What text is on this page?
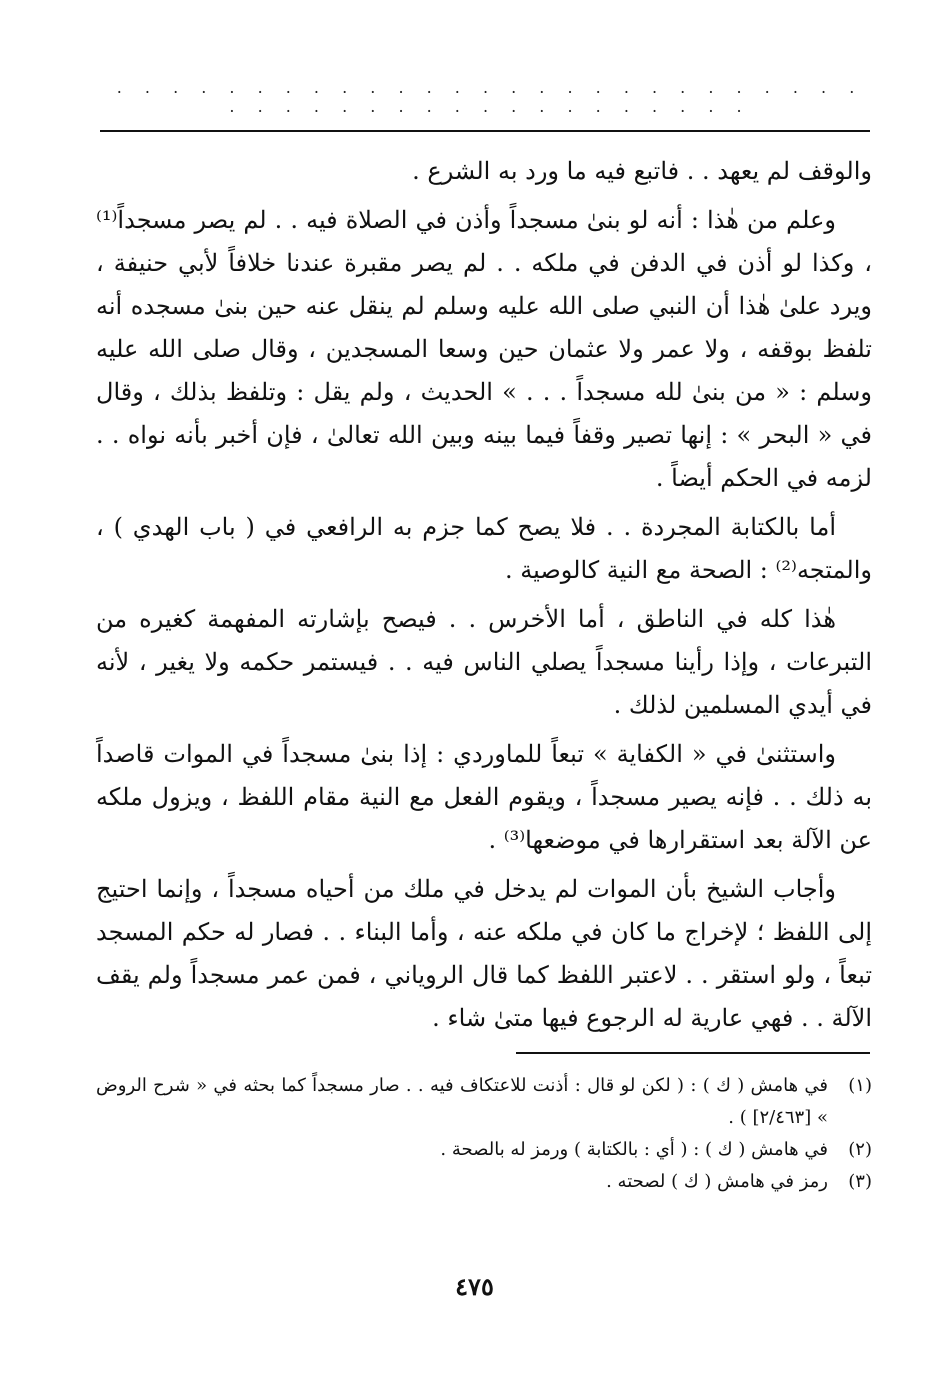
. . . . . . . . . . . . . . . . . . . . . . . . . . . . . . . . . . . . . . . . . . . . . .

والوقف لم يعهد . . فاتبع فيه ما ورد به الشرع .

وعلم من هٰذا : أنه لو بنىٰ مسجداً وأذن في الصلاة فيه . . لم يصر مسجداً⁽¹⁾ ، وكذا لو أذن في الدفن في ملكه . . لم يصر مقبرة عندنا خلافاً لأبي حنيفة ، ويرد علىٰ هٰذا أن النبي صلى الله عليه وسلم لم ينقل عنه حين بنىٰ مسجده أنه تلفظ بوقفه ، ولا عمر ولا عثمان حين وسعا المسجدين ، وقال صلى الله عليه وسلم : « من بنىٰ لله مسجداً . . . » الحديث ، ولم يقل : وتلفظ بذلك ، وقال في « البحر » : إنها تصير وقفاً فيما بينه وبين الله تعالىٰ ، فإن أخبر بأنه نواه . . لزمه في الحكم أيضاً .

أما بالكتابة المجردة . . فلا يصح كما جزم به الرافعي في ( باب الهدي ) ، والمتجه⁽²⁾ : الصحة مع النية كالوصية .

هٰذا كله في الناطق ، أما الأخرس . . فيصح بإشارته المفهمة كغيره من التبرعات ، وإذا رأينا مسجداً يصلي الناس فيه . . فيستمر حكمه ولا يغير ، لأنه في أيدي المسلمين لذلك .

واستثنىٰ في « الكفاية » تبعاً للماوردي : إذا بنىٰ مسجداً في الموات قاصداً به ذلك . . فإنه يصير مسجداً ، ويقوم الفعل مع النية مقام اللفظ ، ويزول ملكه عن الآلة بعد استقرارها في موضعها⁽³⁾ .

وأجاب الشيخ بأن الموات لم يدخل في ملك من أحياه مسجداً ، وإنما احتيج إلى اللفظ ؛ لإخراج ما كان في ملكه عنه ، وأما البناء . . فصار له حكم المسجد تبعاً ، ولو استقر . . لاعتبر اللفظ كما قال الروياني ، فمن عمر مسجداً ولم يقف الآلة . . فهي عارية له الرجوع فيها متىٰ شاء .

(١)
في هامش ( ك ) : ( لكن لو قال : أذنت للاعتكاف فيه . . صار مسجداً كما بحثه في « شرح الروض » [٢/٤٦٣] ) .
(٢)
في هامش ( ك ) : ( أي : بالكتابة ) ورمز له بالصحة .
(٣)
رمز في هامش ( ك ) لصحته .
٤٧٥
